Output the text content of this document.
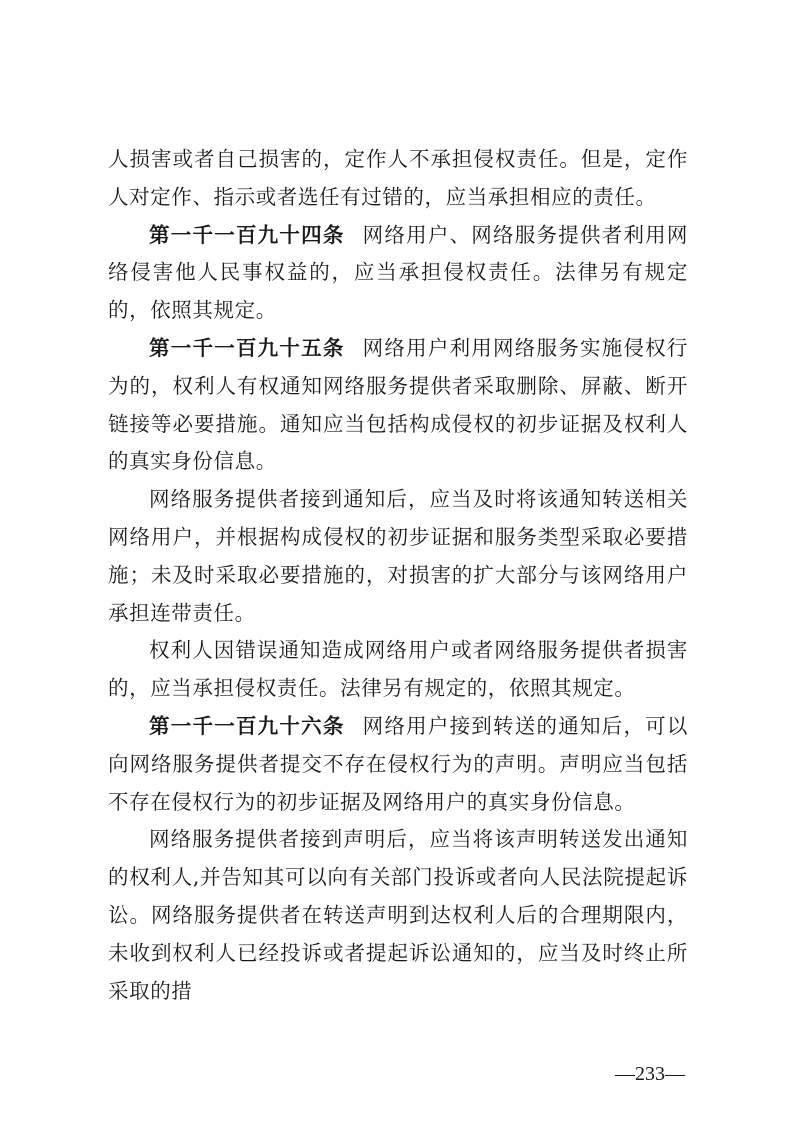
人损害或者自己损害的，定作人不承担侵权责任。但是，定作人对定作、指示或者选任有过错的，应当承担相应的责任。

第一千一百九十四条 网络用户、网络服务提供者利用网络侵害他人民事权益的，应当承担侵权责任。法律另有规定的，依照其规定。

第一千一百九十五条 网络用户利用网络服务实施侵权行为的，权利人有权通知网络服务提供者采取删除、屏蔽、断开链接等必要措施。通知应当包括构成侵权的初步证据及权利人的真实身份信息。

网络服务提供者接到通知后，应当及时将该通知转送相关网络用户，并根据构成侵权的初步证据和服务类型采取必要措施；未及时采取必要措施的，对损害的扩大部分与该网络用户承担连带责任。

权利人因错误通知造成网络用户或者网络服务提供者损害的，应当承担侵权责任。法律另有规定的，依照其规定。

第一千一百九十六条 网络用户接到转送的通知后，可以向网络服务提供者提交不存在侵权行为的声明。声明应当包括不存在侵权行为的初步证据及网络用户的真实身份信息。

网络服务提供者接到声明后，应当将该声明转送发出通知的权利人,并告知其可以向有关部门投诉或者向人民法院提起诉讼。网络服务提供者在转送声明到达权利人后的合理期限内，未收到权利人已经投诉或者提起诉讼通知的，应当及时终止所采取的措

—233—
